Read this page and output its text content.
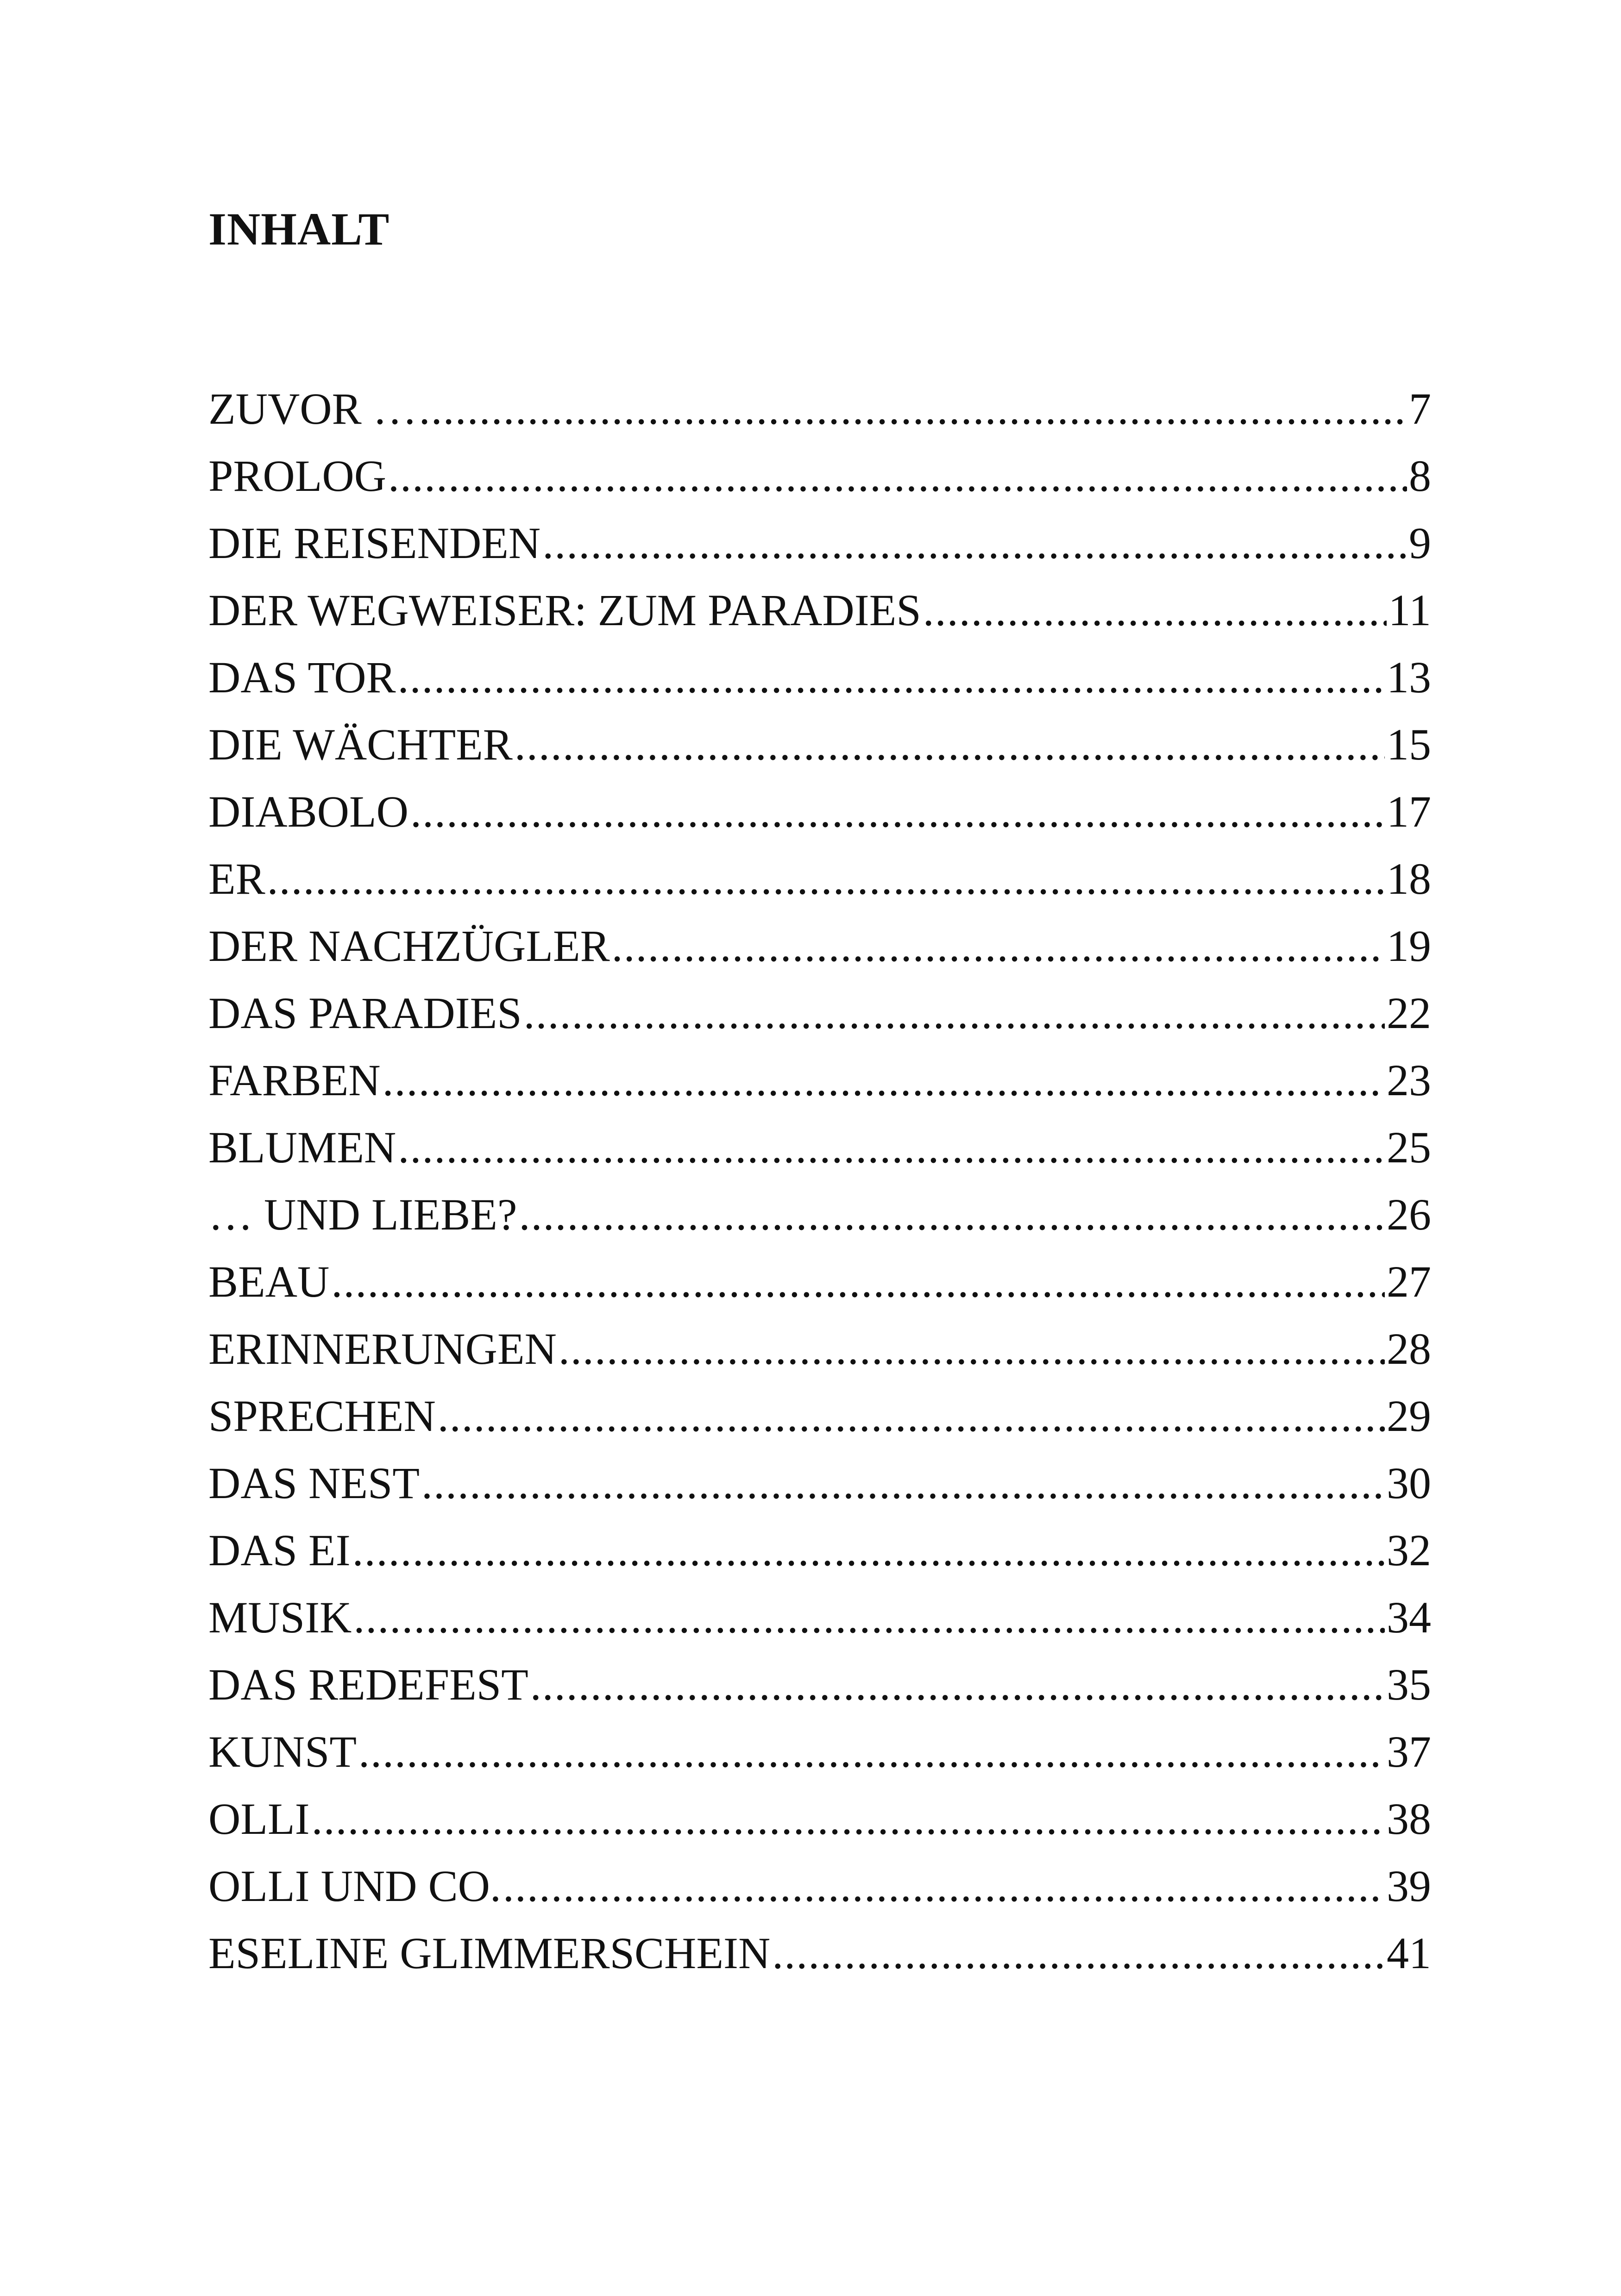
INHALT
ZUVOR … .....	7
PROLOG .....	8
DIE REISENDEN .....	9
DER WEGWEISER: ZUM PARADIES .....	11
DAS TOR .....	13
DIE WÄCHTER .....	15
DIABOLO .....	17
ER .....	18
DER NACHZÜGLER .....	19
DAS PARADIES .....	22
FARBEN .....	23
BLUMEN .....	25
… UND LIEBE? .....	26
BEAU .....	27
ERINNERUNGEN .....	28
SPRECHEN .....	29
DAS NEST .....	30
DAS EI .....	32
MUSIK .....	34
DAS REDEFEST .....	35
KUNST .....	37
OLLI .....	38
OLLI UND CO. .....	39
ESELINE GLIMMERSCHEIN .....	41
